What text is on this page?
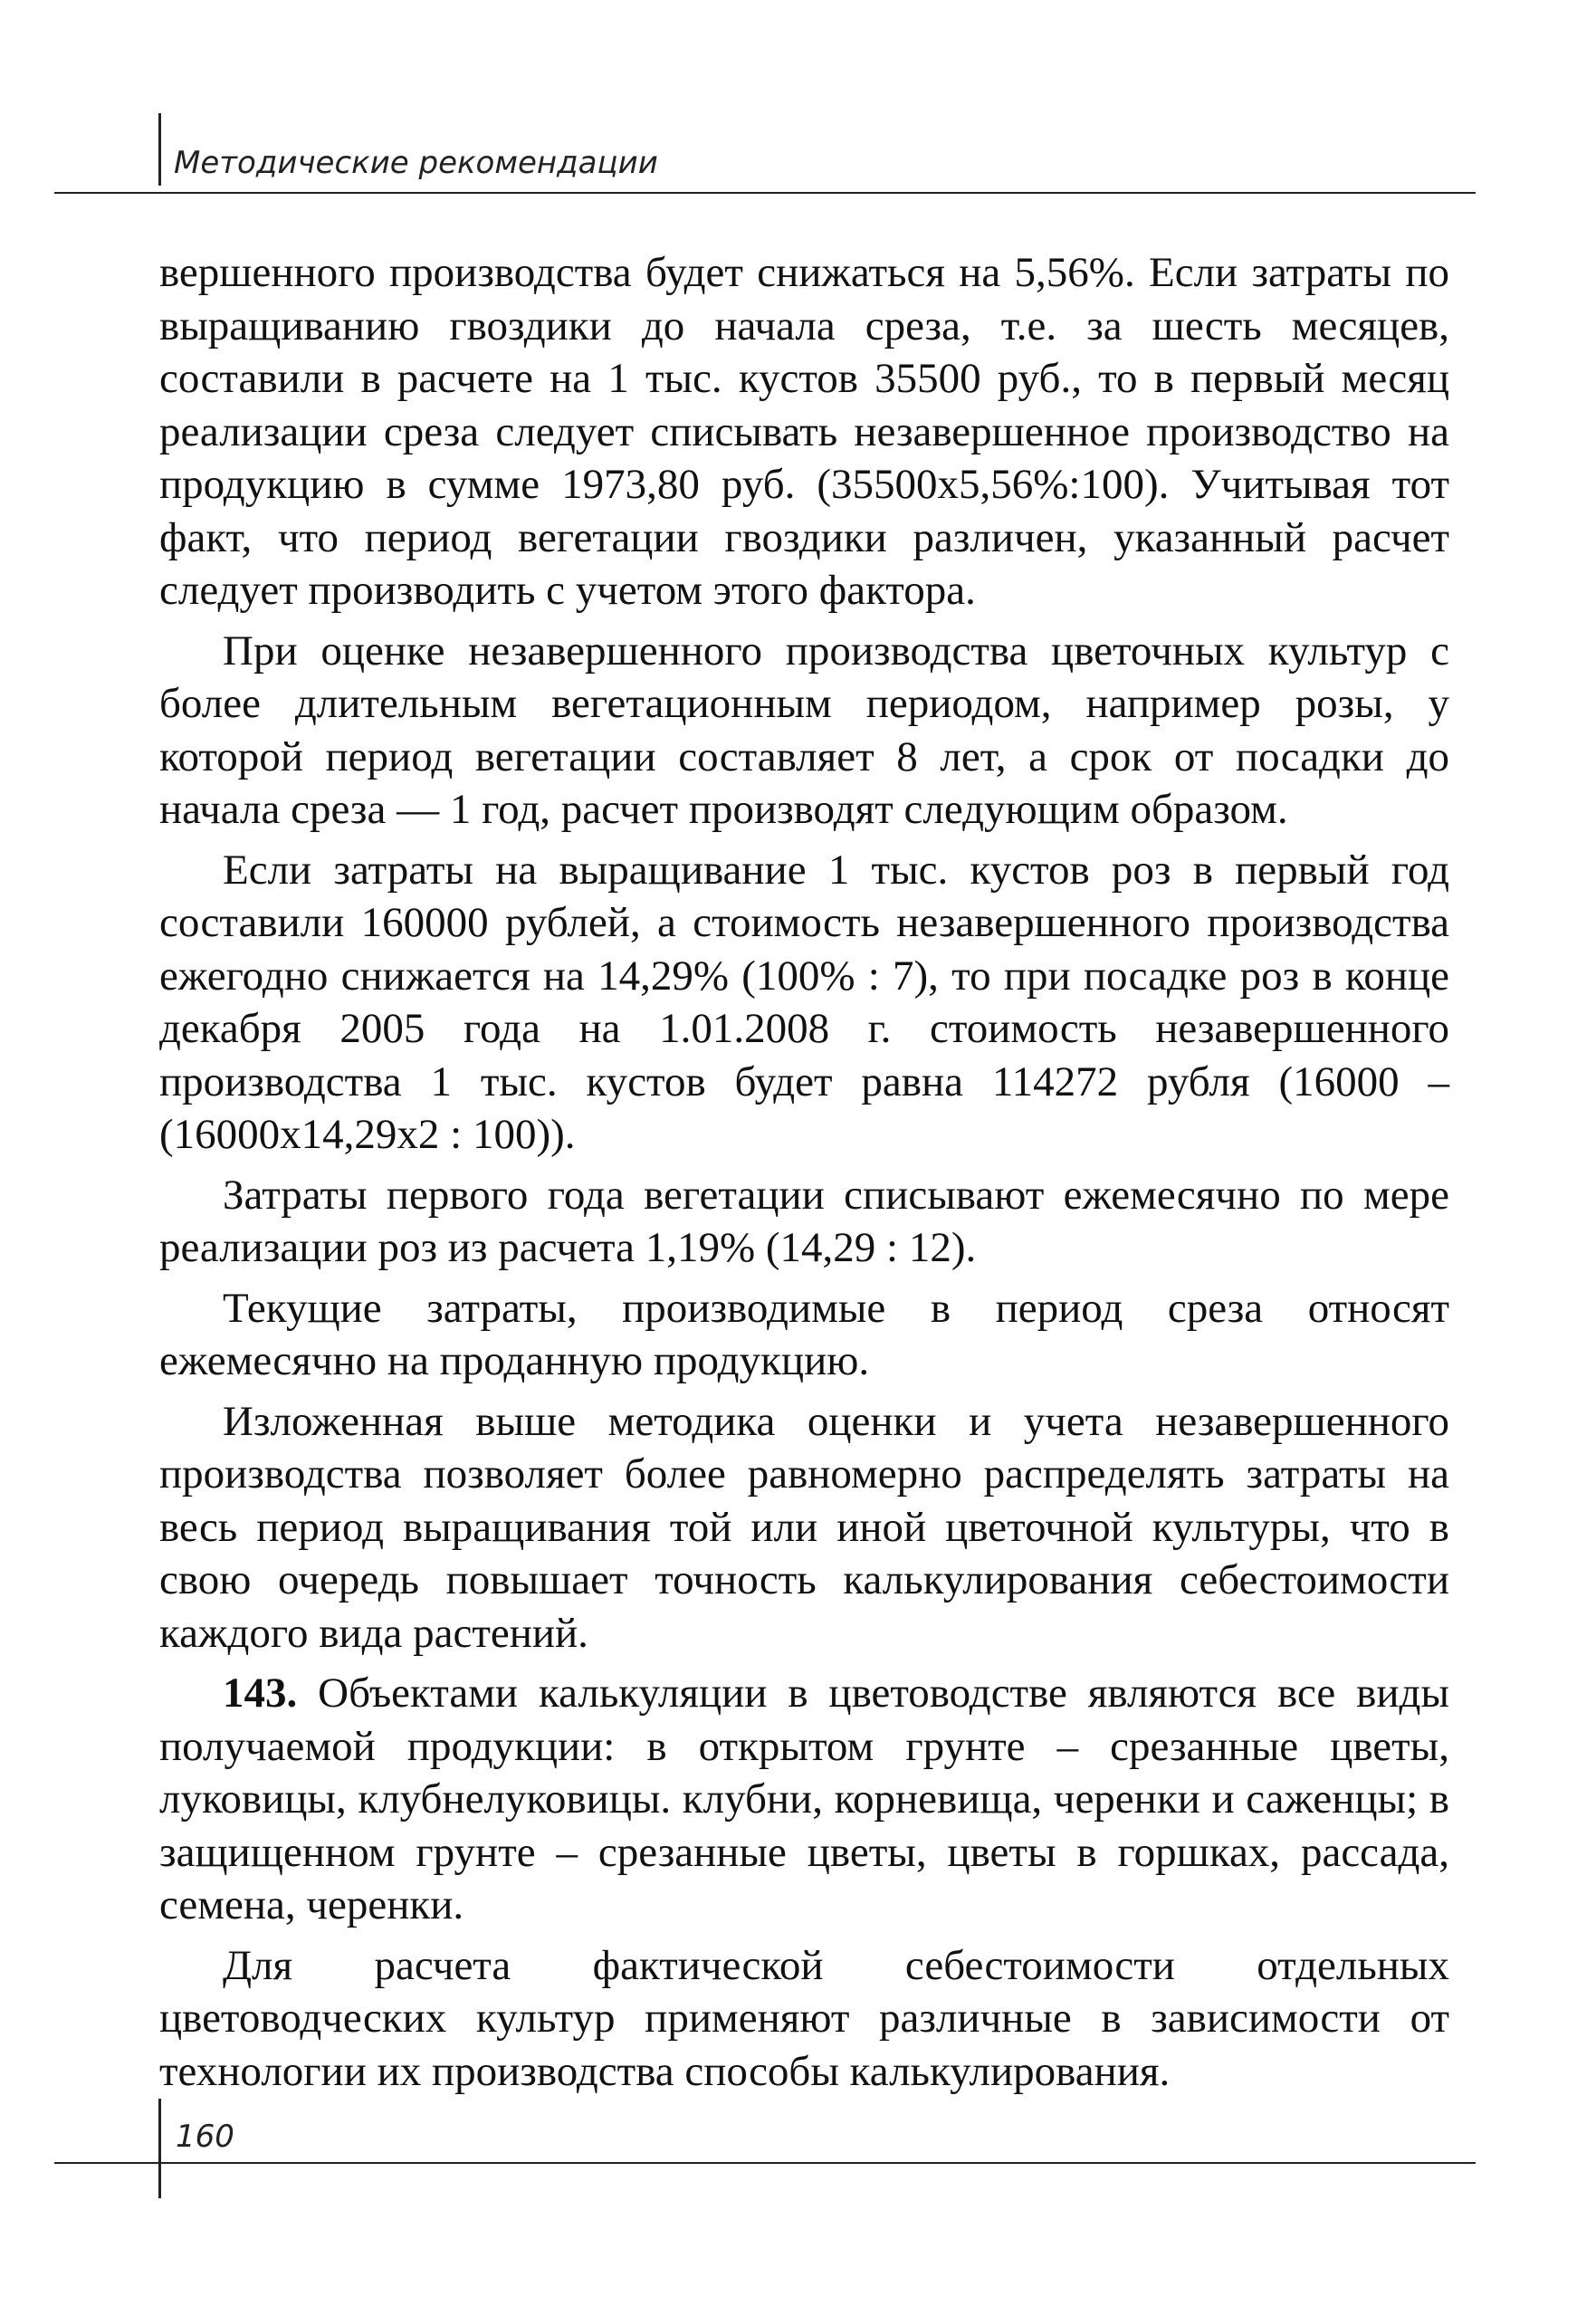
Методические рекомендации

вершенного производства будет снижаться на 5,56%. Если затраты по выращиванию гвоздики до начала среза, т.е. за шесть месяцев, составили в расчете на 1 тыс. кустов 35500 руб., то в первый месяц реализации среза следует списывать незавершенное производство на продукцию в сумме 1973,80 руб. (35500x5,56%:100). Учитывая тот факт, что период вегетации гвоздики различен, указанный расчет следует производить с учетом этого фактора.

При оценке незавершенного производства цветочных культур с более длительным вегетационным периодом, например розы, у которой период вегетации составляет 8 лет, а срок от посадки до начала среза — 1 год, расчет производят следующим образом.

Если затраты на выращивание 1 тыс. кустов роз в первый год составили 160000 рублей, а стоимость незавершенного производства ежегодно снижается на 14,29% (100% : 7), то при посадке роз в конце декабря 2005 года на 1.01.2008 г. стоимость незавершенного производства 1 тыс. кустов будет равна 114272 рубля (16000 – (16000x14,29x2 : 100)).

Затраты первого года вегетации списывают ежемесячно по мере реализации роз из расчета 1,19% (14,29 : 12).

Текущие затраты, производимые в период среза относят ежемесячно на проданную продукцию.

Изложенная выше методика оценки и учета незавершенного производства позволяет более равномерно распределять затраты на весь период выращивания той или иной цветочной культуры, что в свою очередь повышает точность калькулирования себестоимости каждого вида растений.

143. Объектами калькуляции в цветоводстве являются все виды получаемой продукции: в открытом грунте – срезанные цветы, луковицы, клубнелуковицы. клубни, корневища, черенки и саженцы; в защищенном грунте – срезанные цветы, цветы в горшках, рассада, семена, черенки.

Для расчета фактической себестоимости отдельных цветоводческих культур применяют различные в зависимости от технологии их производства способы калькулирования.

160
